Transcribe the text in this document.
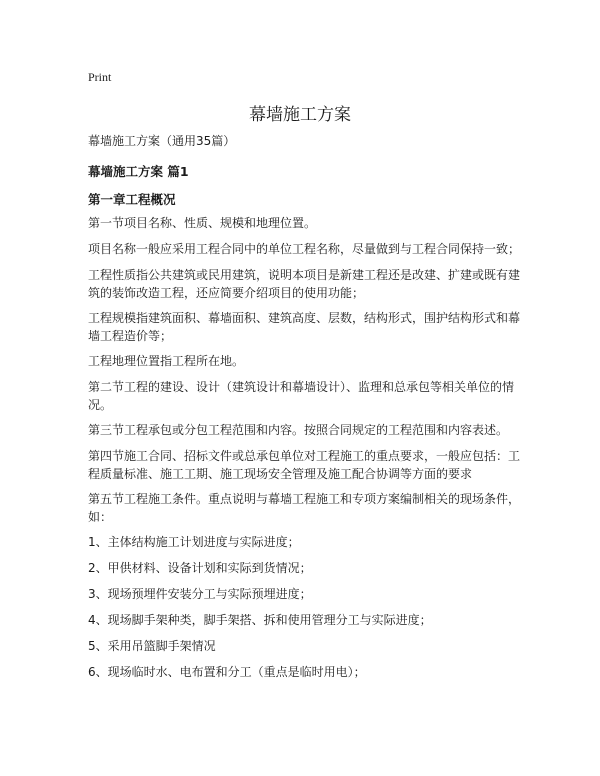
Print
幕墙施工方案
幕墙施工方案（通用35篇）
幕墙施工方案 篇1
第一章工程概况

第一节项目名称、性质、规模和地理位置。

项目名称一般应采用工程合同中的单位工程名称，尽量做到与工程合同保持一致；

工程性质指公共建筑或民用建筑，说明本项目是新建工程还是改建、扩建或既有建筑的装饰改造工程，还应简要介绍项目的使用功能；

工程规模指建筑面积、幕墙面积、建筑高度、层数，结构形式，围护结构形式和幕墙工程造价等；

工程地理位置指工程所在地。

第二节工程的建设、设计（建筑设计和幕墙设计）、监理和总承包等相关单位的情况。

第三节工程承包或分包工程范围和内容。按照合同规定的工程范围和内容表述。

第四节施工合同、招标文件或总承包单位对工程施工的重点要求，一般应包括：工程质量标准、施工工期、施工现场安全管理及施工配合协调等方面的要求

第五节工程施工条件。重点说明与幕墙工程施工和专项方案编制相关的现场条件，如：

1、主体结构施工计划进度与实际进度；

2、甲供材料、设备计划和实际到货情况；

3、现场预埋件安装分工与实际预埋进度；

4、现场脚手架种类，脚手架搭、拆和使用管理分工与实际进度；

5、采用吊篮脚手架情况

6、现场临时水、电布置和分工（重点是临时用电）；
